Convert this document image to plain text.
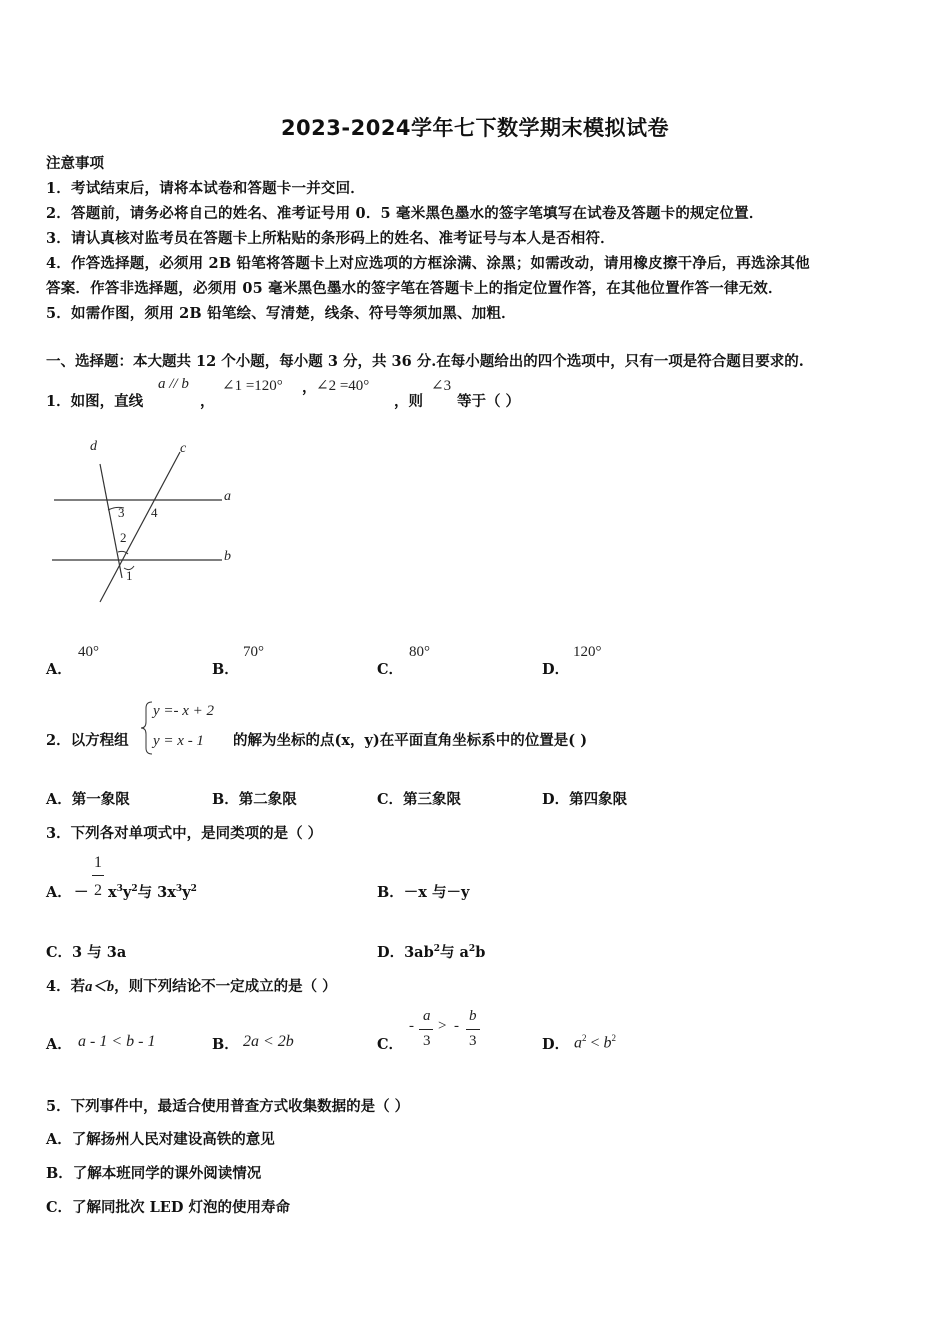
2023-2024学年七下数学期末模拟试卷
注意事项
1．考试结束后，请将本试卷和答题卡一并交回．
2．答题前，请务必将自己的姓名、准考证号用 0．5 毫米黑色墨水的签字笔填写在试卷及答题卡的规定位置．
3．请认真核对监考员在答题卡上所粘贴的条形码上的姓名、准考证号与本人是否相符．
4．作答选择题，必须用 2B 铅笔将答题卡上对应选项的方框涂满、涂黑；如需改动，请用橡皮擦干净后，再选涂其他
答案．作答非选择题，必须用 05 毫米黑色墨水的签字笔在答题卡上的指定位置作答，在其他位置作答一律无效．
5．如需作图，须用 2B 铅笔绘、写清楚，线条、符号等须加黑、加粗．
一、选择题：本大题共 12 个小题，每小题 3 分，共 36 分.在每小题给出的四个选项中，只有一项是符合题目要求的.
1．如图，直线
a // b
，
∠1 =120° ， ∠2 =40°
，则
∠3
等于（ ）
d	c
a
b
3 4
2
1
A．
40°
B．
70°
C．
80°
D．
120°
2．以方程组
y =- x + 2
y = x - 1 的解为坐标的点(x，y)在平面直角坐标系中的位置是( )
A．第一象限	B．第二象限	C．第三象限	D．第四象限
3．下列各对单项式中，是同类项的是（ ）
A． －
1
2 $x^3y^2$与 $3x^3y^2$	B．－x 与－y
C．3 与 3a	D．$3ab^2$与 $a^2b$
4．若a＜b，则下列结论不一定成立的是（ ）
A． a - 1 < b - 1	B． 2a < 2b	C．
-
a
3
> -
b
3	D． $a^2 < b^2$
5．下列事件中，最适合使用普查方式收集数据的是（ ）
A．了解扬州人民对建设高铁的意见
B．了解本班同学的课外阅读情况
C．了解同批次 LED 灯泡的使用寿命
